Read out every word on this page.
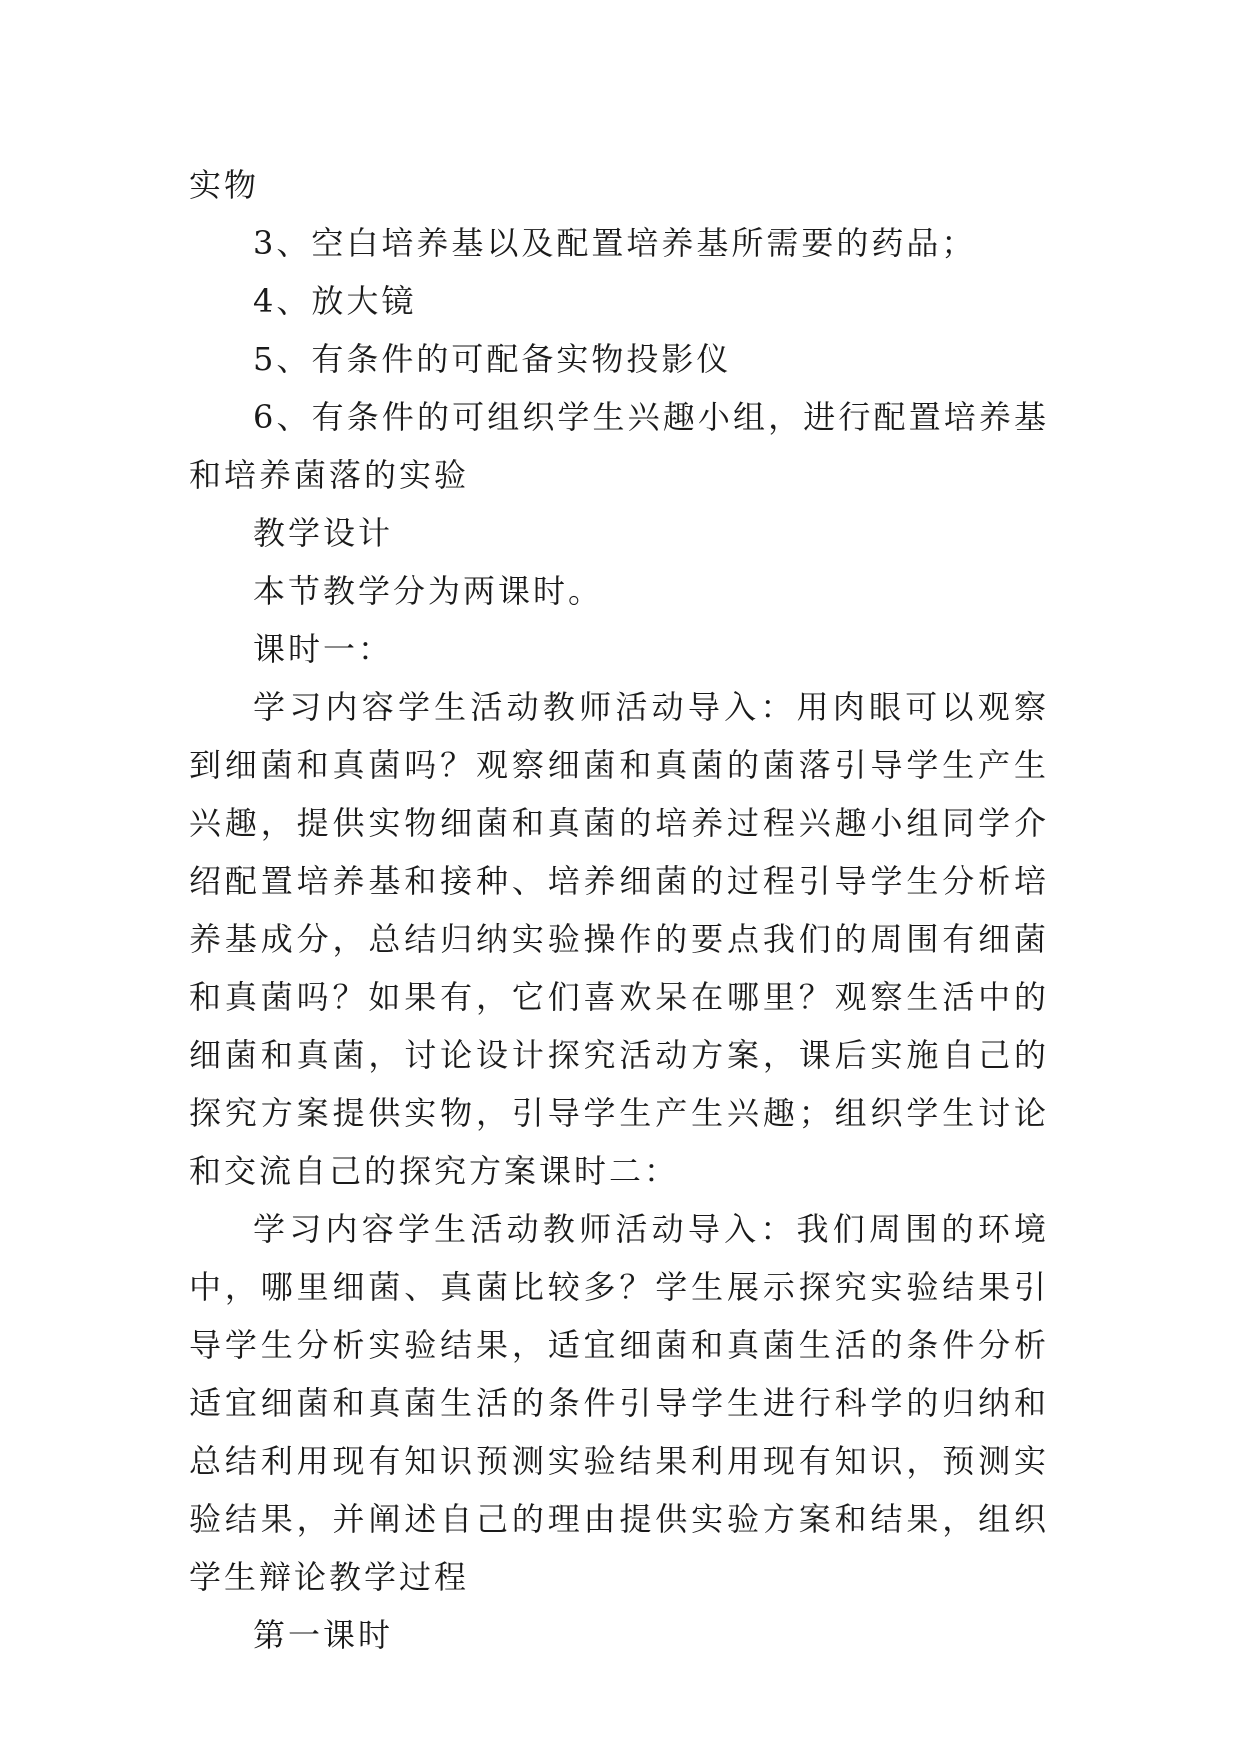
实物

3、空白培养基以及配置培养基所需要的药品；

4、放大镜

5、有条件的可配备实物投影仪

6、有条件的可组织学生兴趣小组，进行配置培养基和培养菌落的实验

教学设计

本节教学分为两课时。

课时一：

学习内容学生活动教师活动导入：用肉眼可以观察到细菌和真菌吗？观察细菌和真菌的菌落引导学生产生兴趣，提供实物细菌和真菌的培养过程兴趣小组同学介绍配置培养基和接种、培养细菌的过程引导学生分析培养基成分，总结归纳实验操作的要点我们的周围有细菌和真菌吗？如果有，它们喜欢呆在哪里？观察生活中的细菌和真菌，讨论设计探究活动方案，课后实施自己的探究方案提供实物，引导学生产生兴趣；组织学生讨论和交流自己的探究方案课时二：

学习内容学生活动教师活动导入：我们周围的环境中，哪里细菌、真菌比较多？学生展示探究实验结果引导学生分析实验结果，适宜细菌和真菌生活的条件分析适宜细菌和真菌生活的条件引导学生进行科学的归纳和总结利用现有知识预测实验结果利用现有知识，预测实验结果，并阐述自己的理由提供实验方案和结果，组织学生辩论教学过程

第一课时
